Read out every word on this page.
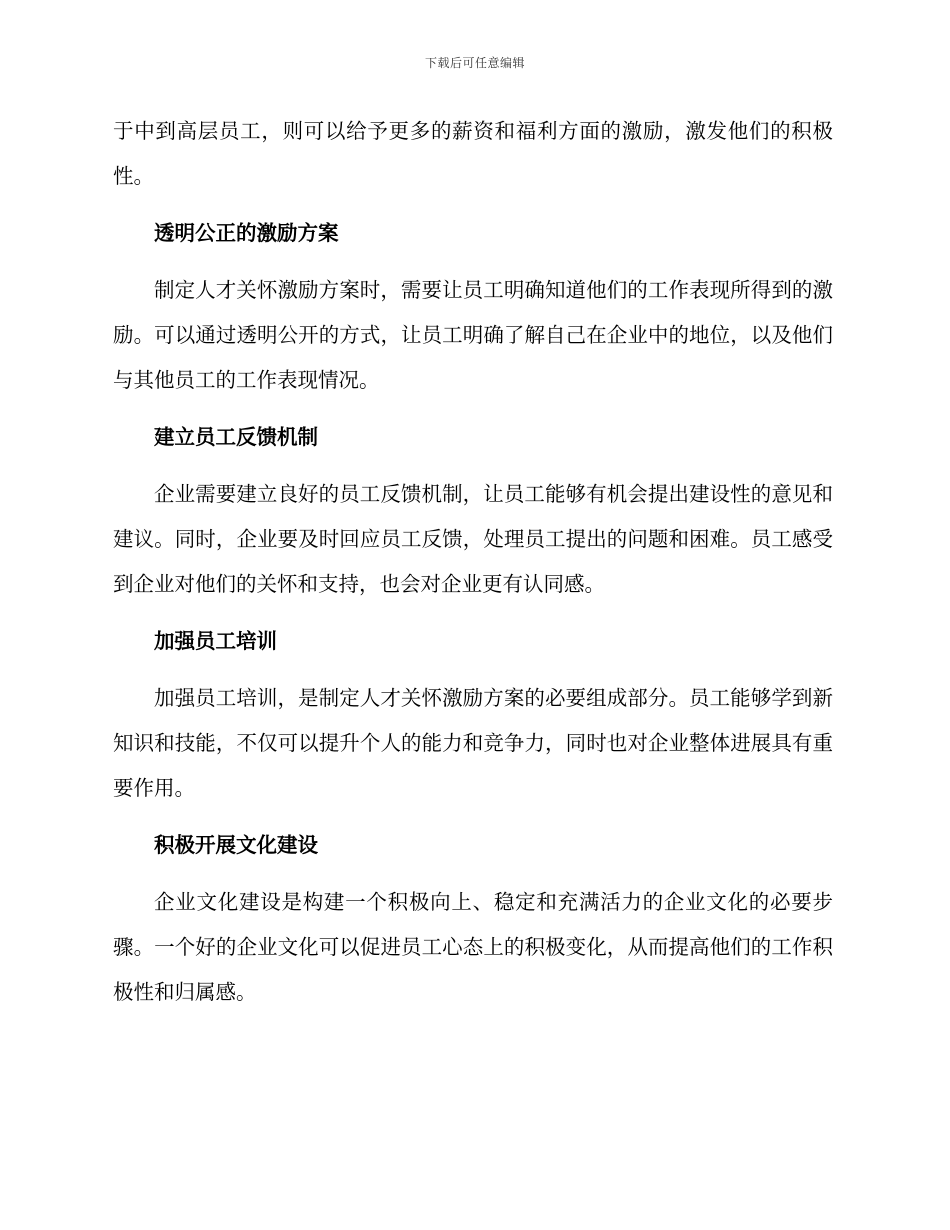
下载后可任意编辑

于中到高层员工，则可以给予更多的薪资和福利方面的激励，激发他们的积极性。

透明公正的激励方案

制定人才关怀激励方案时，需要让员工明确知道他们的工作表现所得到的激励。可以通过透明公开的方式，让员工明确了解自己在企业中的地位，以及他们与其他员工的工作表现情况。

建立员工反馈机制

企业需要建立良好的员工反馈机制，让员工能够有机会提出建设性的意见和建议。同时，企业要及时回应员工反馈，处理员工提出的问题和困难。员工感受到企业对他们的关怀和支持，也会对企业更有认同感。

加强员工培训

加强员工培训，是制定人才关怀激励方案的必要组成部分。员工能够学到新知识和技能，不仅可以提升个人的能力和竞争力，同时也对企业整体进展具有重要作用。

积极开展文化建设

企业文化建设是构建一个积极向上、稳定和充满活力的企业文化的必要步骤。一个好的企业文化可以促进员工心态上的积极变化，从而提高他们的工作积极性和归属感。
